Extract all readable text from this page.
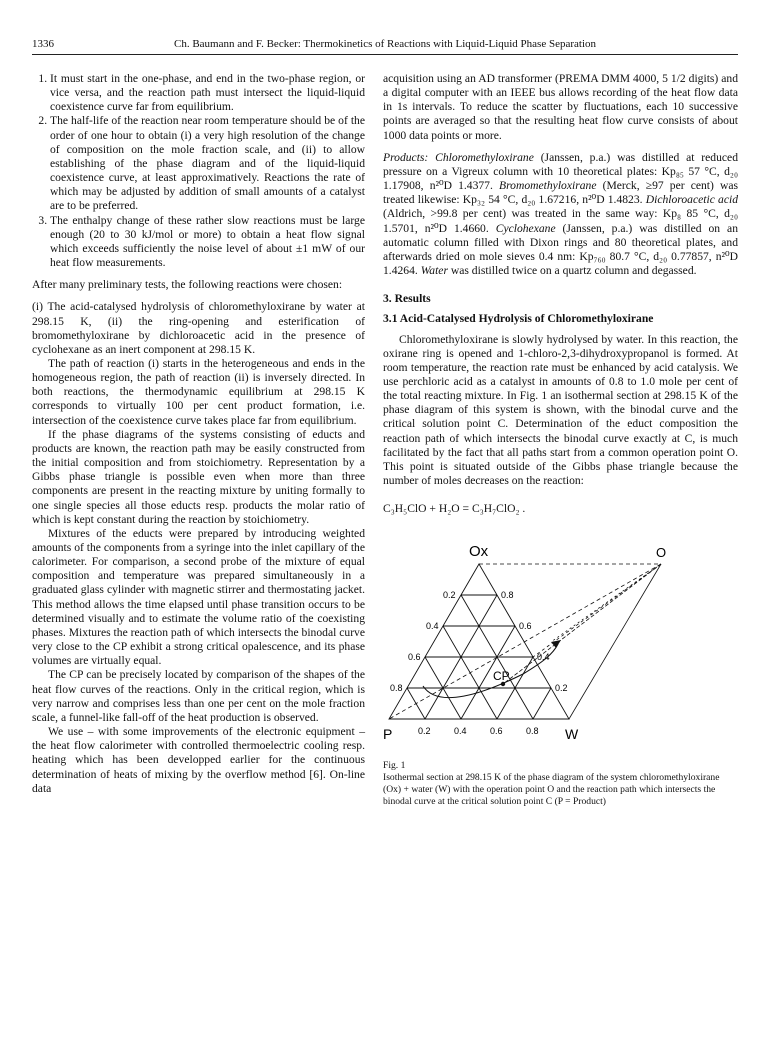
1336	Ch. Baumann and F. Becker: Thermokinetics of Reactions with Liquid-Liquid Phase Separation
1. It must start in the one-phase, and end in the two-phase region, or vice versa, and the reaction path must intersect the liquid-liquid coexistence curve far from equilibrium.
2. The half-life of the reaction near room temperature should be of the order of one hour to obtain (i) a very high resolution of the change of composition on the mole fraction scale, and (ii) to allow establishing of the phase diagram and of the liquid-liquid coexistence curve, at least approximatively. Reactions the rate of which may be adjusted by addition of small amounts of a catalyst are to be preferred.
3. The enthalpy change of these rather slow reactions must be large enough (20 to 30 kJ/mol or more) to obtain a heat flow signal which exceeds sufficiently the noise level of about ±1 mW of our heat flow measurements.

After many preliminary tests, the following reactions were chosen:

(i) The acid-catalysed hydrolysis of chloromethyloxirane by water at 298.15 K, (ii) the ring-opening and esterification of bromomethyloxirane by dichloroacetic acid in the presence of cyclohexane as an inert component at 298.15 K.

The path of reaction (i) starts in the heterogeneous and ends in the homogeneous region, the path of reaction (ii) is inversely directed. In both reactions, the thermodynamic equilibrium at 298.15 K corresponds to virtually 100 per cent product formation, i.e. intersection of the coexistence curve takes place far from equilibrium.

If the phase diagrams of the systems consisting of educts and products are known, the reaction path may be easily constructed from the initial composition and from stoichiometry. Representation by a Gibbs phase triangle is possible even when more than three components are present in the reacting mixture by uniting formally to one single species all those educts resp. products the molar ratio of which is kept constant during the reaction by stoichiometry.

Mixtures of the educts were prepared by introducing weighted amounts of the components from a syringe into the inlet capillary of the calorimeter. For comparison, a second probe of the mixture of equal composition and temperature was prepared simultaneously in a graduated glass cylinder with magnetic stirrer and thermostating jacket. This method allows the time elapsed until phase transition occurs to be determined visually and to estimate the volume ratio of the coexisting phases. Mixtures the reaction path of which intersects the binodal curve very close to the CP exhibit a strong critical opalescence, and its phase volumes are virtually equal.

The CP can be precisely located by comparison of the shapes of the heat flow curves of the reactions. Only in the critical region, which is very narrow and comprises less than one per cent on the mole fraction scale, a funnel-like fall-off of the heat production is observed.

We use – with some improvements of the electronic equipment – the heat flow calorimeter with controlled thermoelectric cooling resp. heating which has been developped earlier for the continuous determination of heats of mixing by the overflow method [6]. On-line data

acquisition using an AD transformer (PREMA DMM 4000, 5 1/2 digits) and a digital computer with an IEEE bus allows recording of the heat flow data in 1s intervals. To reduce the scatter by fluctuations, each 10 successive points are averaged so that the resulting heat flow curve consists of about 1000 data points or more.

Products: Chloromethyloxirane (Janssen, p.a.) was distilled at reduced pressure on a Vigreux column with 10 theoretical plates: Kp₈₅ 57 °C, d₂₀ 1.17908, n²⁰D 1.4377. Bromomethyloxirane (Merck, ≥97 per cent) was treated likewise: Kp₃₂ 54 °C, d₂₀ 1.67216, n²⁰D 1.4823. Dichloroacetic acid (Aldrich, >99.8 per cent) was treated in the same way: Kp₈ 85 °C, d₂₀ 1.5701, n²⁰D 1.4660. Cyclohexane (Janssen, p.a.) was distilled on an automatic column filled with Dixon rings and 80 theoretical plates, and afterwards dried on mole sieves 0.4 nm: Kp₇₆₀ 80.7 °C, d₂₀ 0.77857, n²⁰D 1.4264. Water was distilled twice on a quartz column and degassed.

3. Results
3.1 Acid-Catalysed Hydrolysis of Chloromethyloxirane

Chloromethyloxirane is slowly hydrolysed by water. In this reaction, the oxirane ring is opened and 1-chloro-2,3-dihydroxypropanol is formed. At room temperature, the reaction rate must be enhanced by acid catalysis. We use perchloric acid as a catalyst in amounts of 0.8 to 1.0 mole per cent of the total reacting mixture. In Fig. 1 an isothermal section at 298.15 K of the phase diagram of this system is shown, with the binodal curve and the critical solution point C. Determination of the educt composition the reaction path of which intersects the binodal curve exactly at C, is much facilitated by the fact that all paths start from a common operation point O. This point is situated outside of the Gibbs phase triangle because the number of moles decreases on the reaction:

C₃H₅ClO + H₂O = C₃H₇ClO₂ .
Ox	O
P	W
CP
0.2
0.4
0.6
0.8
0.8
0.6
0.4
0.2
0.2	0.4	0.6	0.8
Fig. 1
Isothermal section at 298.15 K of the phase diagram of the system chloromethyloxirane (Ox) + water (W) with the operation point O and the reaction path which intersects the binodal curve at the critical solution point C (P = Product)
